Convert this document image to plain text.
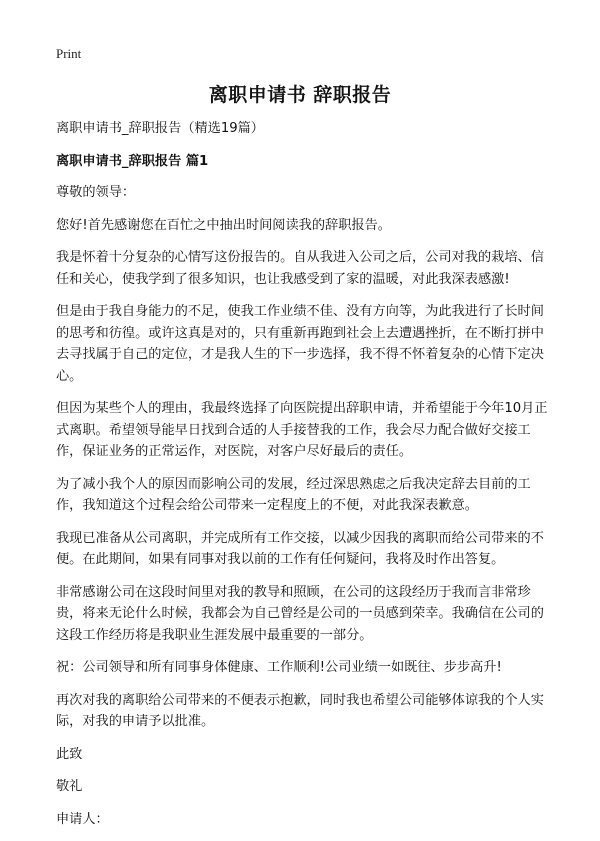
Print
离职申请书 辞职报告

离职申请书_辞职报告（精选19篇）

离职申请书_辞职报告 篇1

尊敬的领导：

您好!首先感谢您在百忙之中抽出时间阅读我的辞职报告。

我是怀着十分复杂的心情写这份报告的。自从我进入公司之后，公司对我的栽培、信任和关心，使我学到了很多知识，也让我感受到了家的温暖，对此我深表感激!

但是由于我自身能力的不足，使我工作业绩不佳、没有方向等，为此我进行了长时间的思考和彷徨。或许这真是对的，只有重新再跑到社会上去遭遇挫折，在不断打拼中去寻找属于自己的定位，才是我人生的下一步选择，我不得不怀着复杂的心情下定决心。

但因为某些个人的理由，我最终选择了向医院提出辞职申请，并希望能于今年10月正式离职。希望领导能早日找到合适的人手接替我的工作，我会尽力配合做好交接工作，保证业务的正常运作，对医院，对客户尽好最后的责任。

为了减小我个人的原因而影响公司的发展，经过深思熟虑之后我决定辞去目前的工作，我知道这个过程会给公司带来一定程度上的不便，对此我深表歉意。

我现已准备从公司离职，并完成所有工作交接，以减少因我的离职而给公司带来的不便。在此期间，如果有同事对我以前的工作有任何疑问，我将及时作出答复。

非常感谢公司在这段时间里对我的教导和照顾，在公司的这段经历于我而言非常珍贵，将来无论什么时候，我都会为自己曾经是公司的一员感到荣幸。我确信在公司的这段工作经历将是我职业生涯发展中最重要的一部分。

祝：公司领导和所有同事身体健康、工作顺利!公司业绩一如既往、步步高升!

再次对我的离职给公司带来的不便表示抱歉，同时我也希望公司能够体谅我的个人实际，对我的申请予以批准。

此致

敬礼

申请人：
